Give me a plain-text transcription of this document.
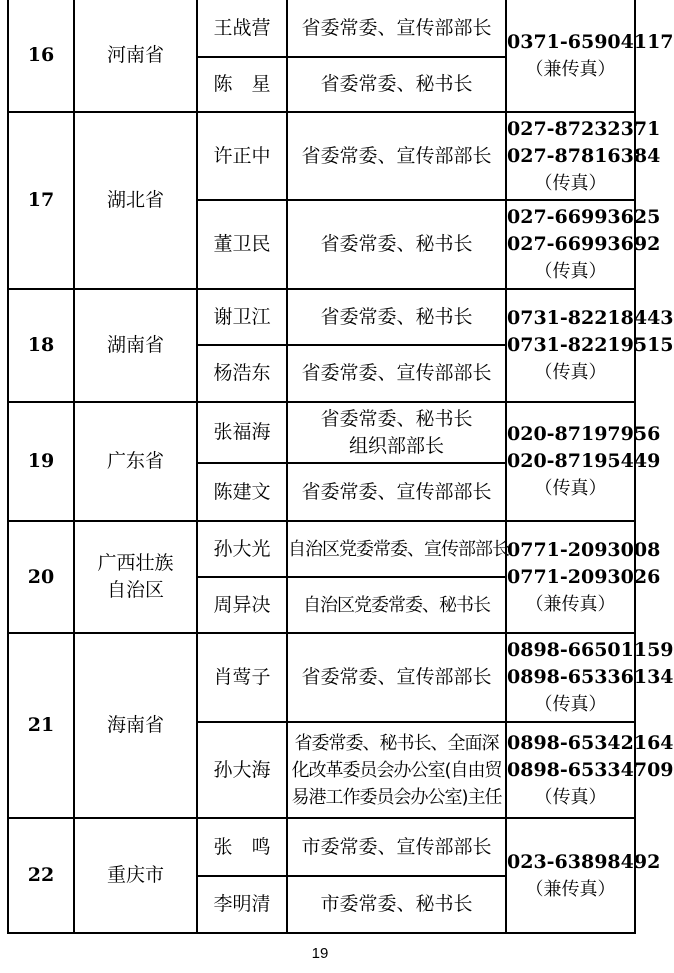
16	河南省	王战营	省委常委、宣传部部长	0371-65904117
（兼传真）

		陈　星	省委常委、秘书长	

17	湖北省	许正中	省委常委、宣传部部长	027-87232371
027-87816384
（传真）

		董卫民	省委常委、秘书长	027-66993625
027-66993692
（传真）

18	湖南省	谢卫江	省委常委、秘书长	0731-82218443
0731-82219515
（传真）

		杨浩东	省委常委、宣传部部长	

19	广东省	张福海	省委常委、秘书长
组织部部长	020-87197956
020-87195449
（传真）

		陈建文	省委常委、宣传部部长	

20	广西壮族
自治区	孙大光	自治区党委常委、宣传部部长	0771-2093008
0771-2093026
（兼传真）

		周异决	自治区党委常委、秘书长	

21	海南省	肖莺子	省委常委、宣传部部长	0898-66501159
0898-65336134
（传真）

		孙大海	省委常委、秘书长、全面深
化改革委员会办公室(自由贸
易港工作委员会办公室)主任	0898-65342164
0898-65334709
（传真）

22	重庆市	张　鸣	市委常委、宣传部部长	023-63898492
（兼传真）

		李明清	市委常委、秘书长	
19
